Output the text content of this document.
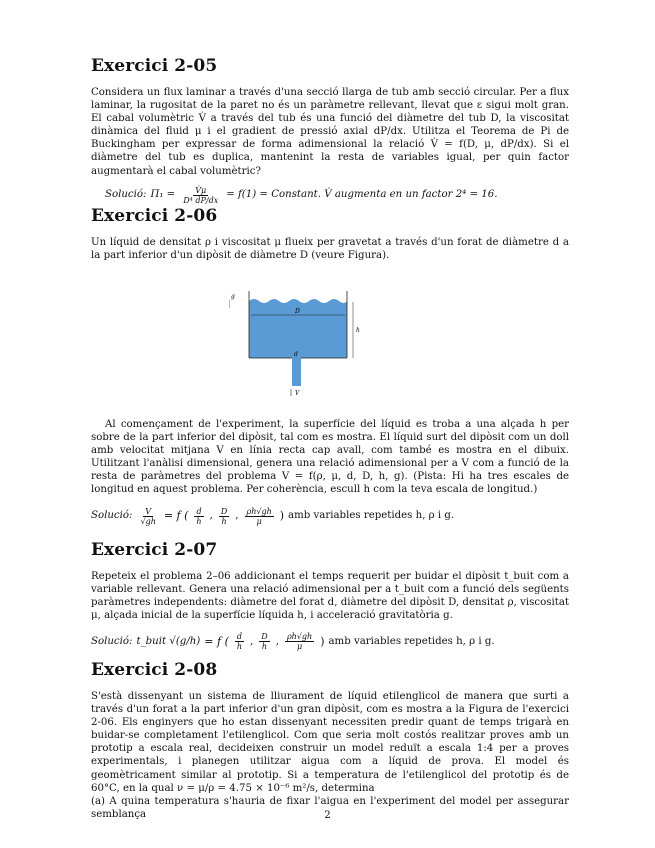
Exercici 2-05

Considera un flux laminar a través d'una secció llarga de tub amb secció circular. Per a flux laminar, la rugositat de la paret no és un paràmetre rellevant, llevat que ε sigui molt gran. El cabal volumètric V̇ a través del tub és una funció del diàmetre del tub D, la viscositat dinàmica del fluid μ i el gradient de pressió axial dP/dx. Utilitza el Teorema de Pi de Buckingham per expressar de forma adimensional la relació V̇ = f(D, μ, dP/dx). Si el diàmetre del tub es duplica, mantenint la resta de variables igual, per quin factor augmentarà el cabal volumètric?

Solució: $\Pi_1 = \frac{V̇\mu}{\text{D⁴ dP/dx}} = f(1)$ = Constant. V̇ augmenta en un factor 2⁴ = 16.
Exercici 2-06

Un líquid de densitat ρ i viscositat μ flueix per gravetat a través d'un forat de diàmetre d a la part inferior d'un dipòsit de diàmetre D (veure Figura).

g
D
h
d
V

Al començament de l'experiment, la superfície del líquid es troba a una alçada h per sobre de la part inferior del dipòsit, tal com es mostra. El líquid surt del dipòsit com un doll amb velocitat mitjana V en línia recta cap avall, com també es mostra en el dibuix. Utilitzant l'anàlisi dimensional, genera una relació adimensional per a V com a funció de la resta de paràmetres del problema V = f(ρ, μ, d, D, h, g). (Pista: Hi ha tres escales de longitud en aquest problema. Per coherència, escull h com la teva escala de longitud.)

Solució: $\frac{V}{√gh} = f$ ( $\frac{d}{h}$ , $\frac{D}{h}$ , $\frac{\rho h√gh}{\mu}$ ) amb variables repetides h, ρ i g.
Exercici 2-07

Repeteix el problema 2–06 addicionant el temps requerit per buidar el dipòsit t_buit com a variable rellevant. Genera una relació adimensional per a t_buit com a funció dels següents paràmetres independents: diàmetre del forat d, diàmetre del dipòsit D, densitat ρ, viscositat μ, alçada inicial de la superfície líquida h, i acceleració gravitatòria g.

Solució: t_buit √(g/h) = f ( $\frac{d}{h}$ , $\frac{D}{h}$ , $\frac{\rho h√gh}{\mu}$ ) amb variables repetides h, ρ i g.
Exercici 2-08

S'està dissenyant un sistema de lliurament de líquid etilenglicol de manera que surti a través d'un forat a la part inferior d'un gran dipòsit, com es mostra a la Figura de l'exercici 2-06. Els enginyers que ho estan dissenyant necessiten predir quant de temps trigarà en buidar-se completament l'etilenglicol. Com que seria molt costós realitzar proves amb un prototip a escala real, decideixen construir un model reduït a escala 1:4 per a proves experimentals, i planegen utilitzar aigua com a líquid de prova. El model és geomètricament similar al prototip. Si a temperatura de l'etilenglicol del prototip és de 60°C, en la qual ν = μ/ρ = 4.75 × 10⁻⁶ m²/s, determina

(a) A quina temperatura s'hauria de fixar l'aigua en l'experiment del model per assegurar semblança	2
